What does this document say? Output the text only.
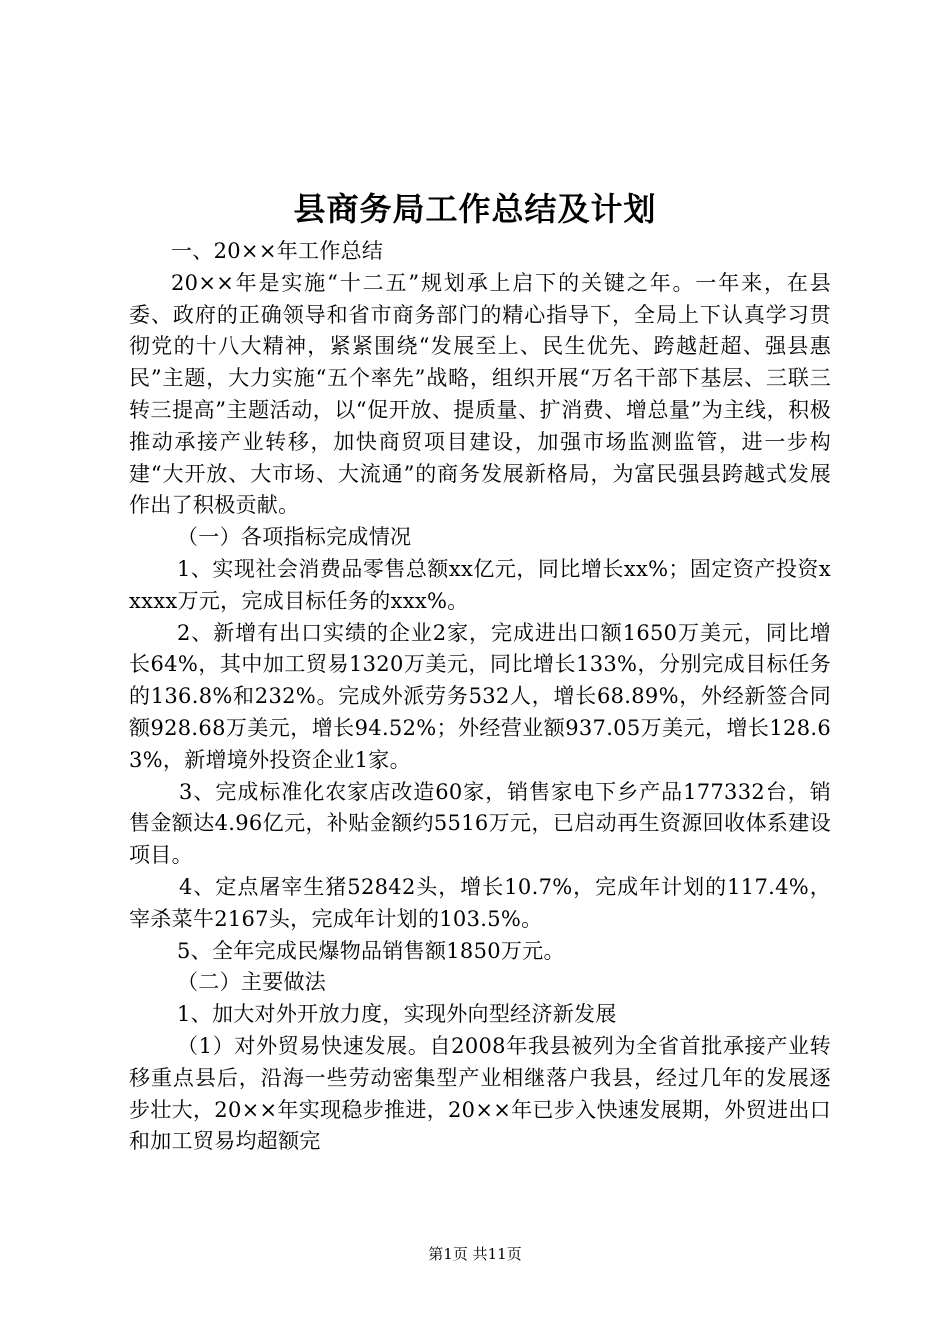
县商务局工作总结及计划

一、20××年工作总结

20××年是实施“十二五”规划承上启下的关键之年。一年来，在县委、政府的正确领导和省市商务部门的精心指导下，全局上下认真学习贯彻党的十八大精神，紧紧围绕“发展至上、民生优先、跨越赶超、强县惠民”主题，大力实施“五个率先”战略，组织开展“万名干部下基层、三联三转三提高”主题活动，以“促开放、提质量、扩消费、增总量”为主线，积极推动承接产业转移，加快商贸项目建设，加强市场监测监管，进一步构建“大开放、大市场、大流通”的商务发展新格局，为富民强县跨越式发展作出了积极贡献。

（一）各项指标完成情况

1、实现社会消费品零售总额xx亿元，同比增长xx%；固定资产投资xxxxx万元，完成目标任务的xxx%。

2、新增有出口实绩的企业2家，完成进出口额1650万美元，同比增长64%，其中加工贸易1320万美元，同比增长133%，分别完成目标任务的136.8%和232%。完成外派劳务532人，增长68.89%，外经新签合同额928.68万美元，增长94.52%；外经营业额937.05万美元，增长128.63%，新增境外投资企业1家。

3、完成标准化农家店改造60家，销售家电下乡产品177332台，销售金额达4.96亿元，补贴金额约5516万元，已启动再生资源回收体系建设项目。

4、定点屠宰生猪52842头，增长10.7%，完成年计划的117.4%，宰杀菜牛2167头，完成年计划的103.5%。

5、全年完成民爆物品销售额1850万元。

（二）主要做法

1、加大对外开放力度，实现外向型经济新发展

（1）对外贸易快速发展。自2008年我县被列为全省首批承接产业转移重点县后，沿海一些劳动密集型产业相继落户我县，经过几年的发展逐步壮大，20××年实现稳步推进，20××年已步入快速发展期，外贸进出口和加工贸易均超额完

第1页 共11页
